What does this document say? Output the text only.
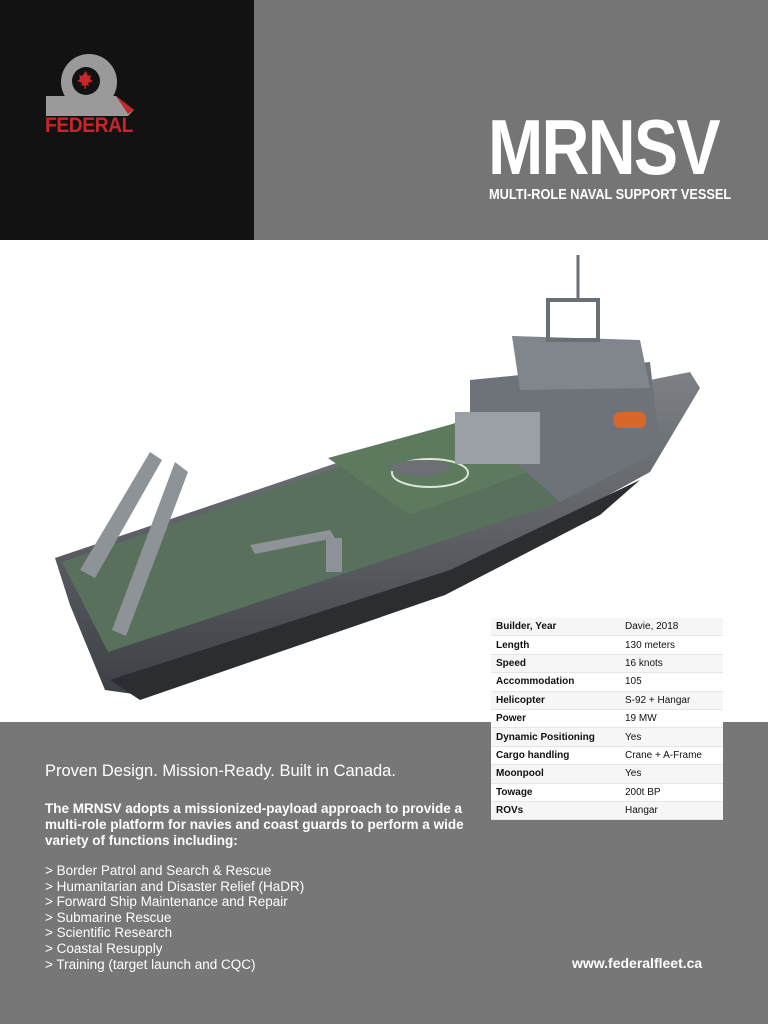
FEDERAL	MRNSV
MULTI-ROLE NAVAL SUPPORT VESSEL
Builder, Year	Davie, 2018
Length	130 meters
Speed	16 knots
Accommodation	105
Helicopter	S-92 + Hangar
Power	19 MW
Dynamic Positioning	Yes
Cargo handling	Crane + A-Frame
Moonpool	Yes
Towage	200t BP
ROVs	Hangar
Proven Design. Mission-Ready. Built in Canada.
The MRNSV adopts a missionized-payload approach to provide a multi-role platform for navies and coast guards to perform a wide variety of functions including:
> Border Patrol and Search & Rescue
> Humanitarian and Disaster Relief (HaDR)
> Forward Ship Maintenance and Repair
> Submarine Rescue
> Scientific Research
> Coastal Resupply
> Training (target launch and CQC)	www.federalfleet.ca
